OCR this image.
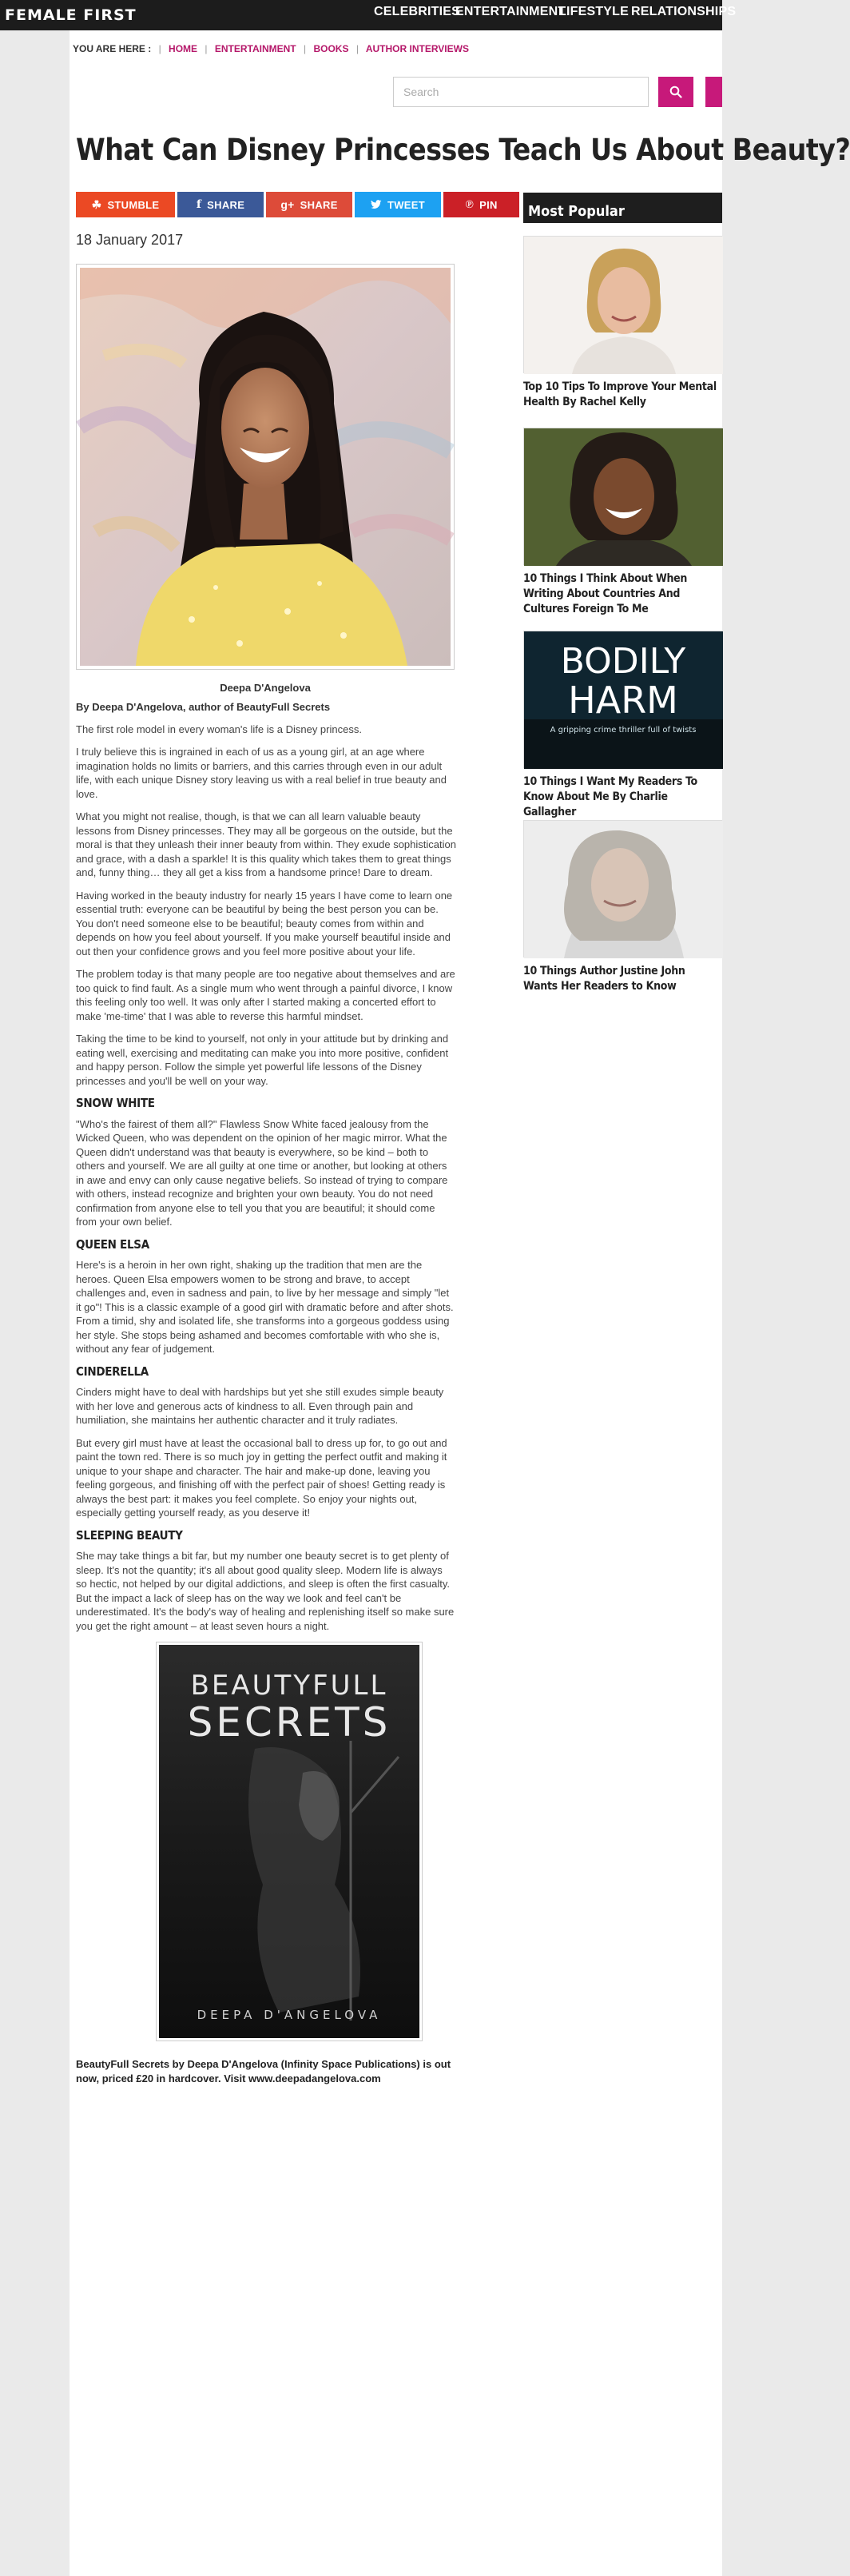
FEMALE FIRST	CELEBRITIES
ENTERTAINMENT
LIFESTYLE RELATIONSHIPS
YOU ARE HERE : | HOME | ENTERTAINMENT | BOOKS | AUTHOR INTERVIEWS
Search
What Can Disney Princesses Teach Us About Beauty?
☘ STUMBLE	f SHARE	g+ SHARE	TWEET	℗ PIN
18 January 2017
Deepa D'Angelova

By Deepa D'Angelova, author of BeautyFull Secrets

The first role model in every woman's life is a Disney princess.

I truly believe this is ingrained in each of us as a young girl, at an age where imagination holds no limits or barriers, and this carries through even in our adult life, with each unique Disney story leaving us with a real belief in true beauty and love.

What you might not realise, though, is that we can all learn valuable beauty lessons from Disney princesses. They may all be gorgeous on the outside, but the moral is that they unleash their inner beauty from within. They exude sophistication and grace, with a dash a sparkle! It is this quality which takes them to great things and, funny thing… they all get a kiss from a handsome prince! Dare to dream.

Having worked in the beauty industry for nearly 15 years I have come to learn one essential truth: everyone can be beautiful by being the best person you can be. You don't need someone else to be beautiful; beauty comes from within and depends on how you feel about yourself. If you make yourself beautiful inside and out then your confidence grows and you feel more positive about your life.

The problem today is that many people are too negative about themselves and are too quick to find fault. As a single mum who went through a painful divorce, I know this feeling only too well. It was only after I started making a concerted effort to make 'me-time' that I was able to reverse this harmful mindset.

Taking the time to be kind to yourself, not only in your attitude but by drinking and eating well, exercising and meditating can make you into more positive, confident and happy person. Follow the simple yet powerful life lessons of the Disney princesses and you'll be well on your way.

SNOW WHITE

"Who's the fairest of them all?" Flawless Snow White faced jealousy from the Wicked Queen, who was dependent on the opinion of her magic mirror. What the Queen didn't understand was that beauty is everywhere, so be kind – both to others and yourself. We are all guilty at one time or another, but looking at others in awe and envy can only cause negative beliefs. So instead of trying to compare with others, instead recognize and brighten your own beauty. You do not need confirmation from anyone else to tell you that you are beautiful; it should come from your own belief.

QUEEN ELSA

Here's is a heroin in her own right, shaking up the tradition that men are the heroes. Queen Elsa empowers women to be strong and brave, to accept challenges and, even in sadness and pain, to live by her message and simply "let it go"! This is a classic example of a good girl with dramatic before and after shots. From a timid, shy and isolated life, she transforms into a gorgeous goddess using her style. She stops being ashamed and becomes comfortable with who she is, without any fear of judgement.

CINDERELLA

Cinders might have to deal with hardships but yet she still exudes simple beauty with her love and generous acts of kindness to all. Even through pain and humiliation, she maintains her authentic character and it truly radiates.

But every girl must have at least the occasional ball to dress up for, to go out and paint the town red. There is so much joy in getting the perfect outfit and making it unique to your shape and character. The hair and make-up done, leaving you feeling gorgeous, and finishing off with the perfect pair of shoes! Getting ready is always the best part: it makes you feel complete. So enjoy your nights out, especially getting yourself ready, as you deserve it!

SLEEPING BEAUTY

She may take things a bit far, but my number one beauty secret is to get plenty of sleep. It's not the quantity; it's all about good quality sleep. Modern life is always so hectic, not helped by our digital addictions, and sleep is often the first casualty. But the impact a lack of sleep has on the way we look and feel can't be underestimated. It's the body's way of healing and replenishing itself so make sure you get the right amount – at least seven hours a night.

BEAUTYFULL
SECRETS
DEEPA D'ANGELOVA

BeautyFull Secrets by Deepa D'Angelova (Infinity Space Publications) is out now, priced £20 in hardcover. Visit www.deepadangelova.com

Most Popular
Top 10 Tips To Improve Your Mental Health By Rachel Kelly
10 Things I Think About When Writing About Countries And Cultures Foreign To Me
BODILY
HARM
A gripping crime thriller full of twists
10 Things I Want My Readers To Know About Me By Charlie Gallagher
10 Things Author Justine John Wants Her Readers to Know
